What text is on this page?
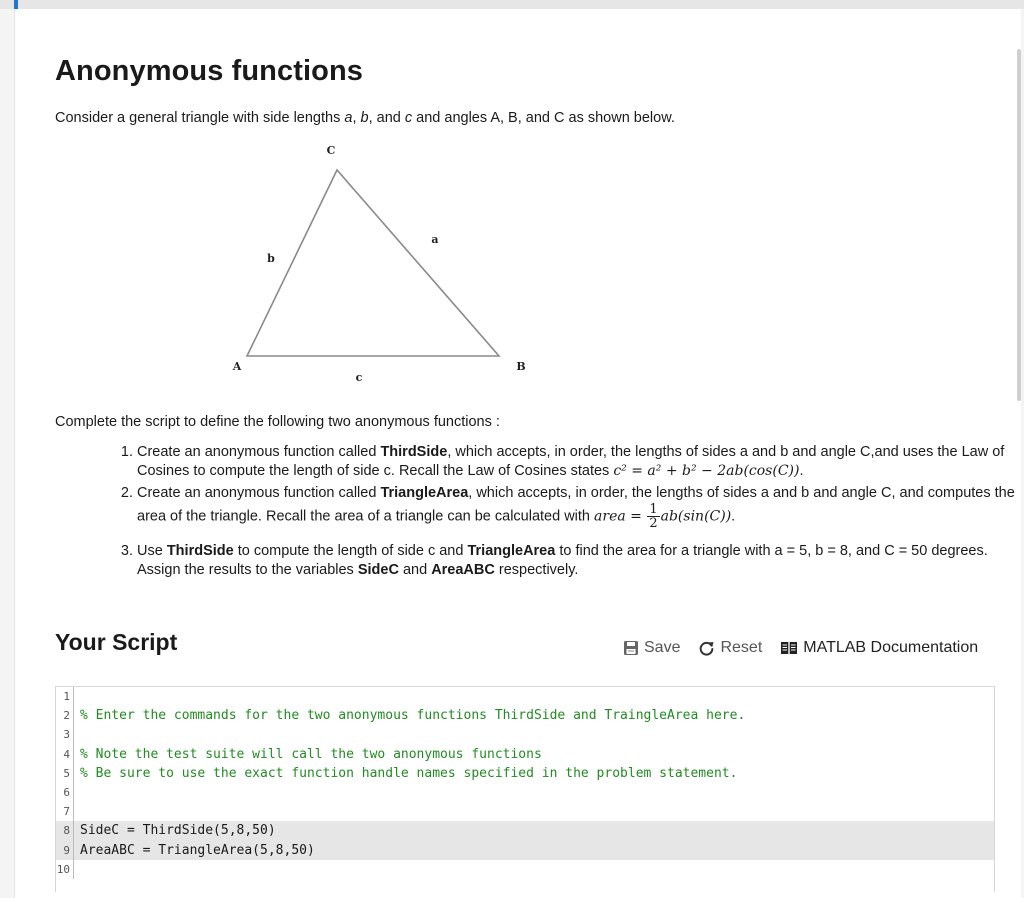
Anonymous functions
Consider a general triangle with side lengths a, b, and c and angles A, B, and C as shown below.
C
a
b
A	B
c
Complete the script to define the following two anonymous functions :
1. Create an anonymous function called ThirdSide, which accepts, in order, the lengths of sides a and b and angle C,and uses the Law of Cosines to compute the length of side c. Recall the Law of Cosines states c² = a² + b² − 2ab(cos(C)).
2. Create an anonymous function called TriangleArea, which accepts, in order, the lengths of sides a and b and angle C, and computes the area of the triangle. Recall the area of a triangle can be calculated with area = $\frac{1}{2} ab(\sin(C))$.
3. Use ThirdSide to compute the length of side c and TriangleArea to find the area for a triangle with a = 5, b = 8, and C = 50 degrees. Assign the results to the variables SideC and AreaABC respectively.
Your Script	Save	Reset	MATLAB Documentation
1
2 % Enter the commands for the two anonymous functions ThirdSide and TraingleArea here.
3
4 % Note the test suite will call the two anonymous functions
5 % Be sure to use the exact function handle names specified in the problem statement.
6
7
8 SideC = ThirdSide(5,8,50)
9 AreaABC = TriangleArea(5,8,50)
10
